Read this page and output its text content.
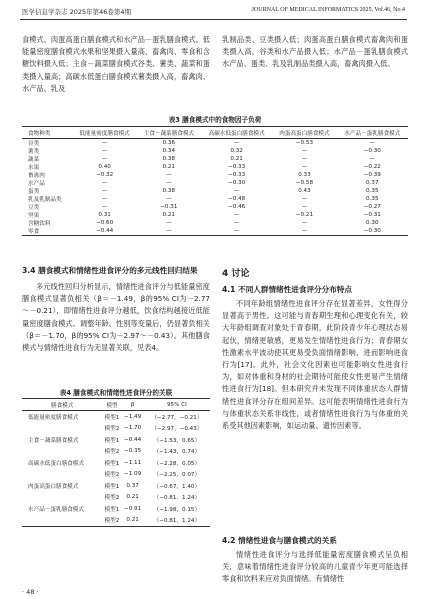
医学信息学杂志 2025年第46卷第4期	JOURNAL OF MEDICAL INFORMATICS 2025, Vol.46, No.4

食模式、肉蛋高蛋白膳食模式和水产品－蛋乳膳食模式。低能量密度膳食模式水果和坚果摄入量高，畜禽肉、零食和含糖饮料摄入低；主食－蔬菜膳食模式谷类、薯类、蔬菜和蛋类摄入量高；高碳水低蛋白膳食模式薯类摄入高，畜禽肉、水产品、乳及

乳制品类、豆类摄入低；肉蛋高蛋白膳食模式畜禽肉和蛋类摄入高，谷类和水产品摄入低；水产品－蛋乳膳食模式水产品、蛋类、乳及乳制品类摄入高，畜禽肉摄入低。

表3 膳食模式中的食物因子负荷
食物种类	低能量密度膳食模式	主食－蔬菜膳食模式	高碳水低蛋白膳食模式	肉蛋高蛋白膳食模式	水产品－蛋乳膳食模式
谷类	—	0.36	—	−0.53	—
薯类	—	0.34	0.32	—	−0.30
蔬菜	—	0.38	0.21	—	—
水果	0.40	0.21	−0.33	—	−0.22
畜禽肉	−0.32	—	−0.33	0.33	−0.39
水产品	—	—	−0.30	−0.58	0.37
蛋类	—	0.38	—	0.43	0.35
乳及乳制品类	—	—	−0.48	—	0.35
豆类	—	−0.31	−0.46	—	−0.27
坚果	0.31	0.21	—	−0.21	−0.31
含糖饮料	−0.60	—	—	—	0.30
零食	−0.44	—	—	—	−0.30
3.4 膳食模式和情绪性进食评分的多元线性回归结果

多元线性回归分析显示，情绪性进食评分与低能量密度膳食模式显著负相关（β＝－1.49，β的95% CI为－2.77～－0.21），即情绪性进食评分越低，饮食结构越接近低能量密度膳食模式。调整年龄、性别等变量后，仍显著负相关（β＝－1.70，β的95% CI为－2.97～－0.43）。其他膳食模式与情绪性进食行为无显著关联，见表4。

表4 膳食模式和情绪性进食评分的关联
膳食模式	模型	β	95% CI
低能量密度膳食模式	模型1	−1.49	（−2.77，−0.21）
	模型2	−1.70	（−2.97，−0.43）
主食－蔬菜膳食模式	模型1	−0.44	（−1.53，0.65）
	模型2	−0.35	（−1.43，0.74）
高碳水低蛋白膳食模式	模型1	−1.11	（−2.28，0.05）
	模型2	−1.09	（−2.25，0.07）
肉蛋高蛋白膳食模式	模型1	0.37	（−0.67，1.40）
	模型2	0.21	（−0.81，1.24）
水产品－蛋乳膳食模式	模型1	−0.91	（−1.98，0.15）
	模型2	0.21	（−0.81，1.24）
4 讨论
4.1 不同人群情绪性进食评分分布特点

不同年龄组情绪性进食评分存在显著差异，女性得分显著高于男性。这可能与青春期生理和心理变化有关，较大年龄组调查对象处于青春期，此阶段青少年心理状态易起伏，情绪更敏感，更易发生情绪性进食行为；青春期女性激素水平波动使其更易受负面情绪影响，进而影响进食行为[17]。此外，社会文化因素也可能影响女性进食行为，如对体重和身材的社会期待可能使女性更易产生情绪性进食行为[18]。但本研究并未发现不同体重状态人群情绪性进食评分存在组间差异。这可能表明情绪性进食行为与体重状态关系非线性，或者情绪性进食行为与体重的关系受其他因素影响，如运动量、遗传因素等。

4.2 情绪性进食与膳食模式的关系

情绪性进食评分与选择低能量密度膳食模式呈负相关，意味着情绪性进食评分较高的儿童青少年更可能选择零食和饮料来应对负面情绪。有情绪性

· 48 ·
